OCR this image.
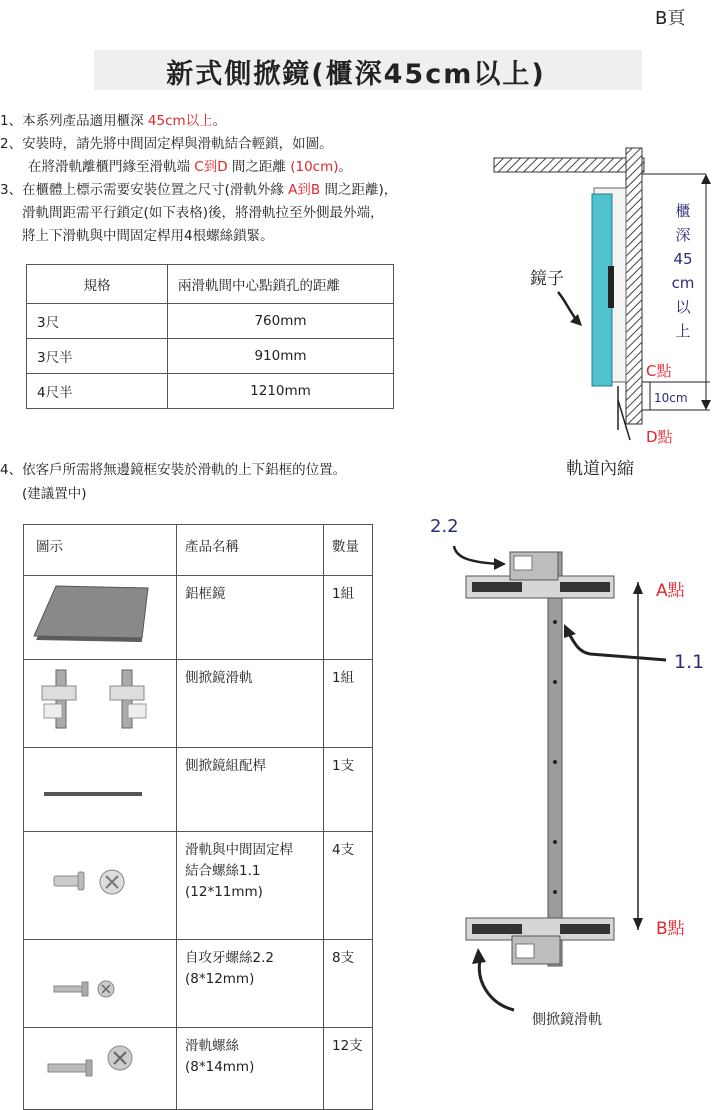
B頁
新式側掀鏡(櫃深45cm以上)
1、本系列產品適用櫃深 45cm以上。
2、安裝時，請先將中間固定桿與滑軌結合輕鎖，如圖。
在將滑軌離櫃門緣至滑軌端 C到D 間之距離 (10cm)。
3、在櫃體上標示需要安裝位置之尺寸(滑軌外緣 A到B 間之距離)，
滑軌間距需平行鎖定(如下表格)後，將滑軌拉至外側最外端，
將上下滑軌與中間固定桿用4根螺絲鎖緊。
規格	兩滑軌間中心點鎖孔的距離
3尺	760mm
3尺半	910mm
4尺半	1210mm
4、依客戶所需將無邊鏡框安裝於滑軌的上下鋁框的位置。
(建議置中)
圖示	產品名稱	數量
	鋁框鏡	1組
	側掀鏡滑軌	1組
	側掀鏡組配桿	1支

滑軌與中間固定桿
結合螺絲1.1
(12*11mm)	4支

自攻牙螺絲2.2
(8*12mm)	8支

滑軌螺絲
(8*14mm)	12支
鏡子
櫃
深
45
cm
以
上
C點
10cm
D點
軌道內縮
2.2
A點
1.1
B點
側掀鏡滑軌
